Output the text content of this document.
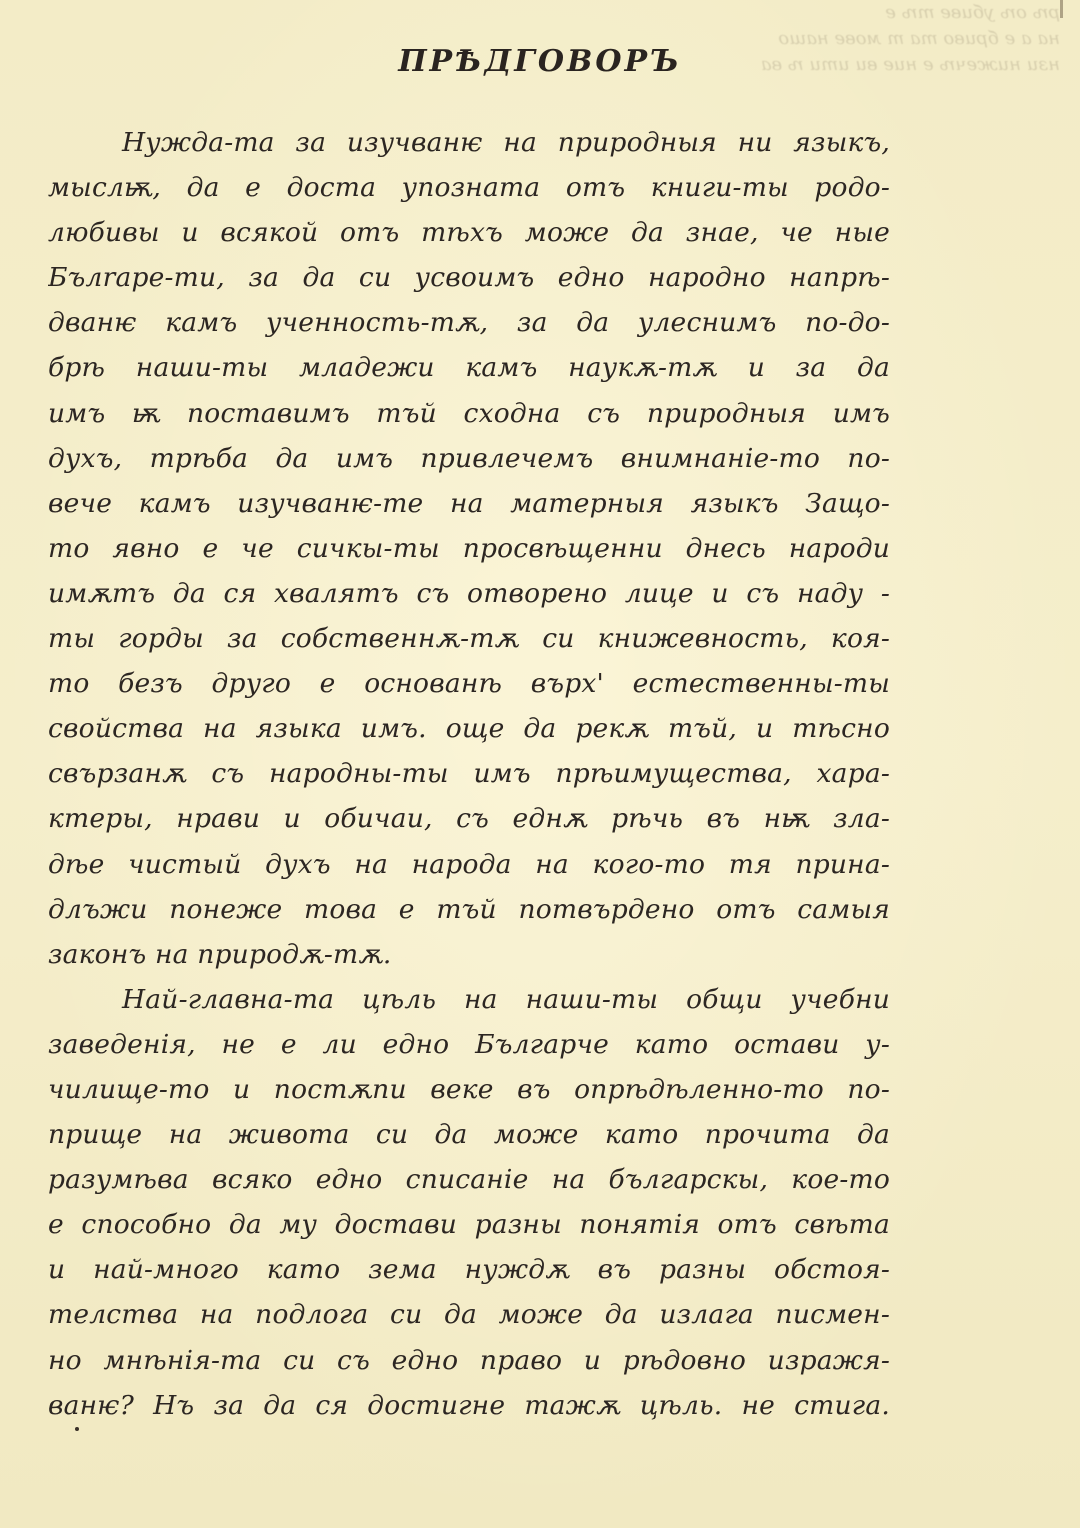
рѣ оѣ убиве тѣ е
на а е бриво та т мове нашо
нзи нижечѣ е ние ви ити ѣ ва
ПРѢДГОВОРЪ
Нужда-та за изучванѥ на природныя ни языкъ,
мыслѭ, да е доста упознатa отъ книги-ты родо-
любивы и всякой отъ тѣхъ може да знае, че ныe
Бълrаре-ти, за да си усвоимъ едно народно напрѣ-
дванѥ камъ ученность-тѫ, за да улеснимъ по-до-
брѣ наши-ты младежи камъ наукѫ-тѫ и за да
имъ ѭ поставимъ тъй сходна съ природныя имъ
духъ, трѣба да имъ привлечемъ внимнаніе-то по-
вече камъ изучванѥ-те на матерныя языкъ Защо-
то явно е че сичкы-ты просвѣщенни днесь народи
имѫтъ да ся хвалятъ съ отворено лице и съ наду -
ты горды за собственнѫ-тѫ си книжевность, коя-
то безъ друго е основанѣ върх' естественны-ты
свойства на языка имъ. още да рекѫ тъй, и тѣсно
свързанѫ съ народны-ты имъ прѣимущества, хара-
ктеры, нрави и обичаи, съ еднѫ рѣчь въ нѭ зла-
дѣе чистый духъ на народа на кого-то тя прина-
длъжи понеже това е тъй потвърдено отъ самыя
законъ на природѫ-тѫ.
Най-главна-та цѣль на наши-ты общи учебни
заведенія, не е ли едно Българче като остави у-
чилище-то и постѫпи веке въ опрѣдѣленно-то по-
прище на живота си да може като прочита да
разумѣва всяко едно списаніе на българскы, кое-то
е способно да му достави разны понятія отъ свѣта
и най-много като зема нуждѫ въ разны обстоя-
телства на подлога си да може да излага писмен-
но мнѣнія-та си съ едно право и рѣдовно изражя-
ванѥ? Нъ за да ся достигне тажѫ цѣль. не стига.
